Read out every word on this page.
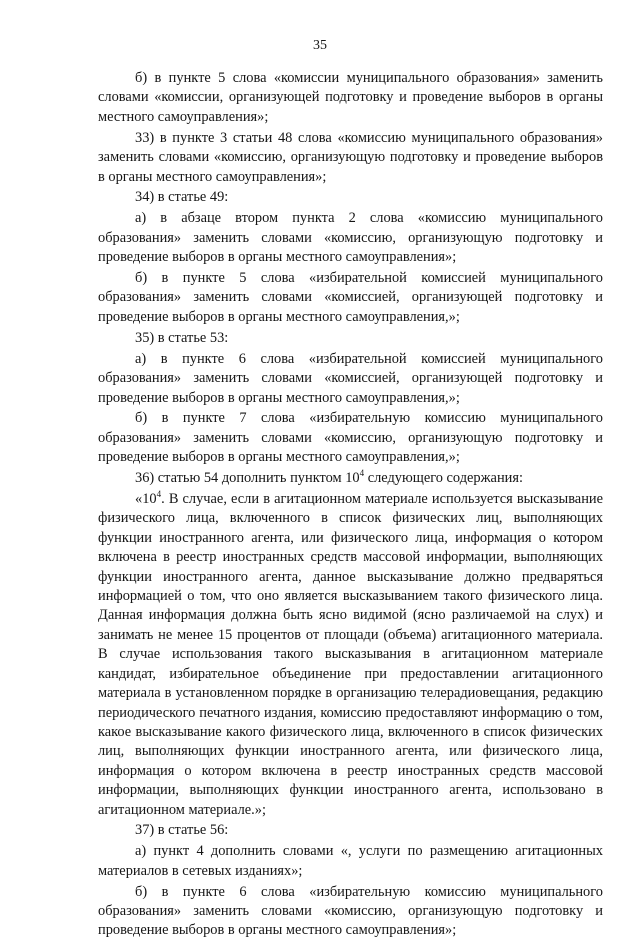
35

б) в пункте 5 слова «комиссии муниципального образования» заменить словами «комиссии, организующей подготовку и проведение выборов в органы местного самоуправления»;

33) в пункте 3 статьи 48 слова «комиссию муниципального образования» заменить словами «комиссию, организующую подготовку и проведение выборов в органы местного самоуправления»;

34) в статье 49:

а) в абзаце втором пункта 2 слова «комиссию муниципального образования» заменить словами «комиссию, организующую подготовку и проведение выборов в органы местного самоуправления»;

б) в пункте 5 слова «избирательной комиссией муниципального образования» заменить словами «комиссией, организующей подготовку и проведение выборов в органы местного самоуправления,»;

35) в статье 53:

а) в пункте 6 слова «избирательной комиссией муниципального образования» заменить словами «комиссией, организующей подготовку и проведение выборов в органы местного самоуправления,»;

б) в пункте 7 слова «избирательную комиссию муниципального образования» заменить словами «комиссию, организующую подготовку и проведение выборов в органы местного самоуправления,»;

36) статью 54 дополнить пунктом $10^4$ следующего содержания:

«$10^4$. В случае, если в агитационном материале используется высказывание физического лица, включенного в список физических лиц, выполняющих функции иностранного агента, или физического лица, информация о котором включена в реестр иностранных средств массовой информации, выполняющих функции иностранного агента, данное высказывание должно предваряться информацией о том, что оно является высказыванием такого физического лица. Данная информация должна быть ясно видимой (ясно различаемой на слух) и занимать не менее 15 процентов от площади (объема) агитационного материала. В случае использования такого высказывания в агитационном материале кандидат, избирательное объединение при предоставлении агитационного материала в установленном порядке в организацию телерадиовещания, редакцию периодического печатного издания, комиссию предоставляют информацию о том, какое высказывание какого физического лица, включенного в список физических лиц, выполняющих функции иностранного агента, или физического лица, информация о котором включена в реестр иностранных средств массовой информации, выполняющих функции иностранного агента, использовано в агитационном материале.»;

37) в статье 56:

а) пункт 4 дополнить словами «, услуги по размещению агитационных материалов в сетевых изданиях»;

б) в пункте 6 слова «избирательную комиссию муниципального образования» заменить словами «комиссию, организующую подготовку и проведение выборов в органы местного самоуправления»;
